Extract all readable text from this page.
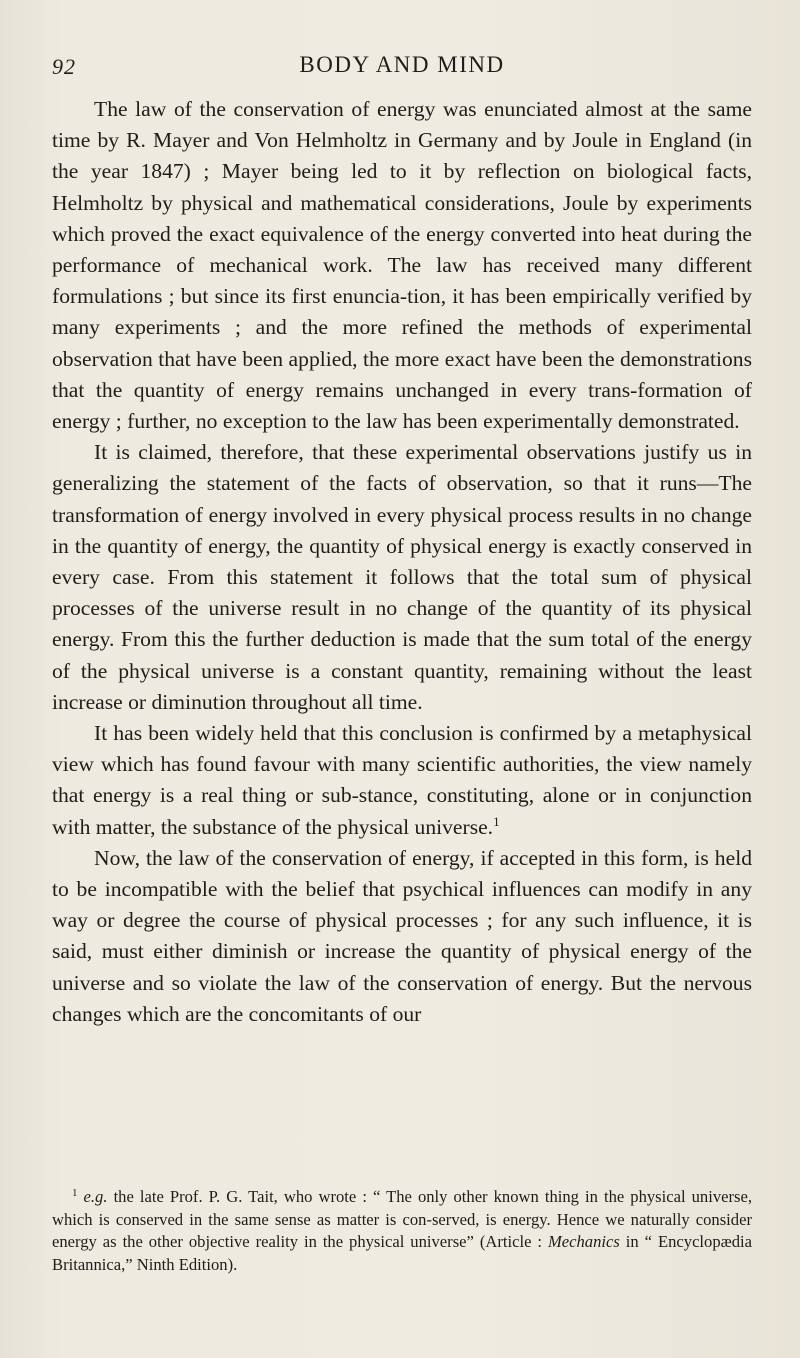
92	BODY AND MIND

The law of the conservation of energy was enunciated almost at the same time by R. Mayer and Von Helmholtz in Germany and by Joule in England (in the year 1847) ; Mayer being led to it by reflection on biological facts, Helmholtz by physical and mathematical considerations, Joule by experiments which proved the exact equivalence of the energy converted into heat during the performance of mechanical work. The law has received many different formulations ; but since its first enuncia-tion, it has been empirically verified by many experiments ; and the more refined the methods of experimental observation that have been applied, the more exact have been the demonstrations that the quantity of energy remains unchanged in every trans-formation of energy ; further, no exception to the law has been experimentally demonstrated.

It is claimed, therefore, that these experimental observations justify us in generalizing the statement of the facts of observation, so that it runs—The transformation of energy involved in every physical process results in no change in the quantity of energy, the quantity of physical energy is exactly conserved in every case. From this statement it follows that the total sum of physical processes of the universe result in no change of the quantity of its physical energy. From this the further deduction is made that the sum total of the energy of the physical universe is a constant quantity, remaining without the least increase or diminution throughout all time.

It has been widely held that this conclusion is confirmed by a metaphysical view which has found favour with many scientific authorities, the view namely that energy is a real thing or sub-stance, constituting, alone or in conjunction with matter, the substance of the physical universe.$^1$

Now, the law of the conservation of energy, if accepted in this form, is held to be incompatible with the belief that psychical influences can modify in any way or degree the course of physical processes ; for any such influence, it is said, must either diminish or increase the quantity of physical energy of the universe and so violate the law of the conservation of energy. But the nervous changes which are the concomitants of our

$^1$ e.g. the late Prof. P. G. Tait, who wrote : “ The only other known thing in the physical universe, which is conserved in the same sense as matter is con-served, is energy. Hence we naturally consider energy as the other objective reality in the physical universe” (Article : Mechanics in “ Encyclopædia Britannica,” Ninth Edition).
